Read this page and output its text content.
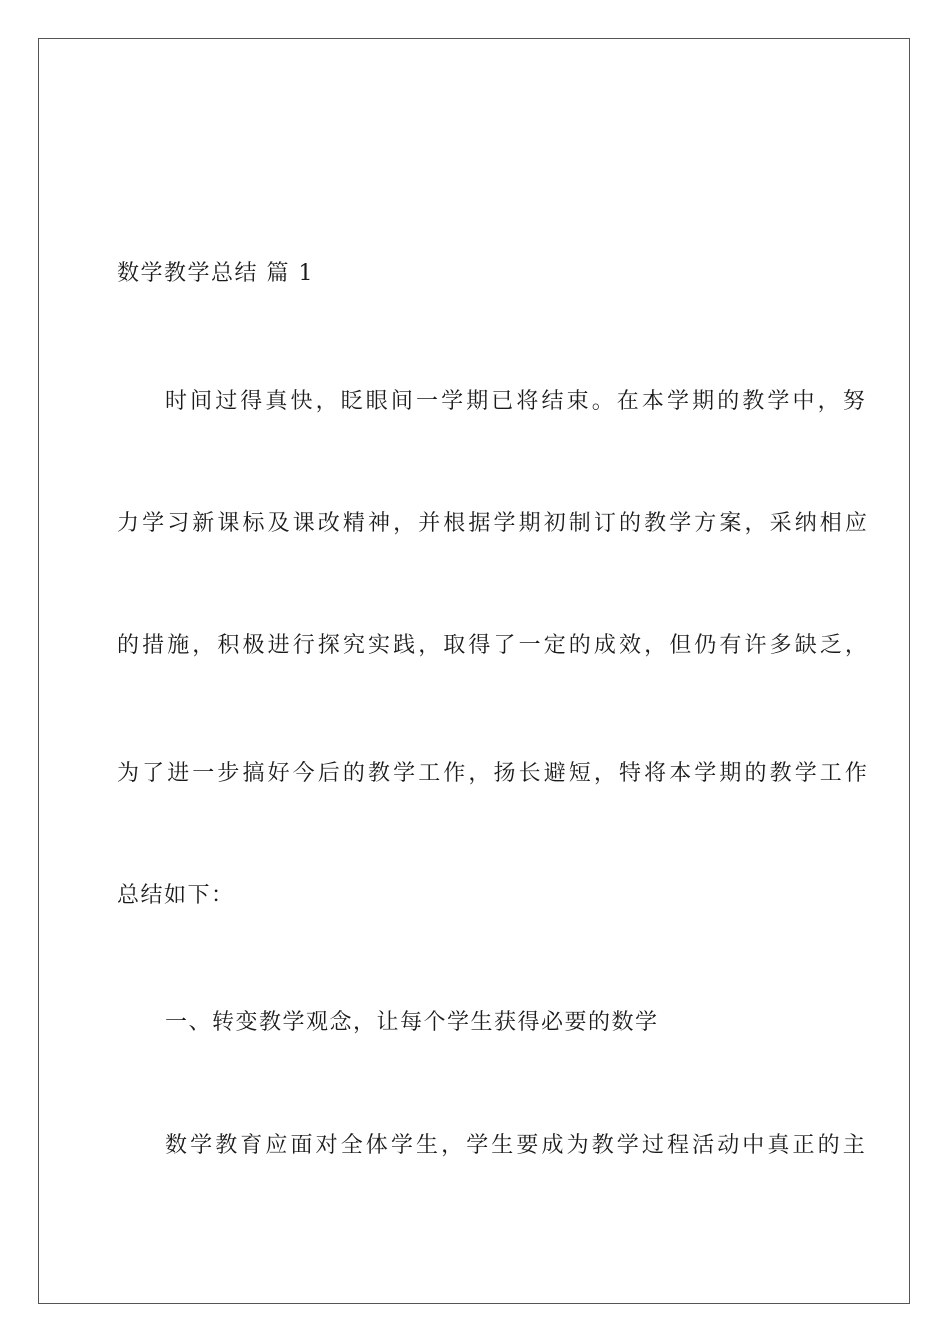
数学教学总结 篇 1
时间过得真快，眨眼间一学期已将结束。在本学期的教学中，努
力学习新课标及课改精神，并根据学期初制订的教学方案，采纳相应
的措施，积极进行探究实践，取得了一定的成效，但仍有许多缺乏，
为了进一步搞好今后的教学工作，扬长避短，特将本学期的教学工作
总结如下：
一、转变教学观念，让每个学生获得必要的数学
数学教育应面对全体学生，学生要成为教学过程活动中真正的主
